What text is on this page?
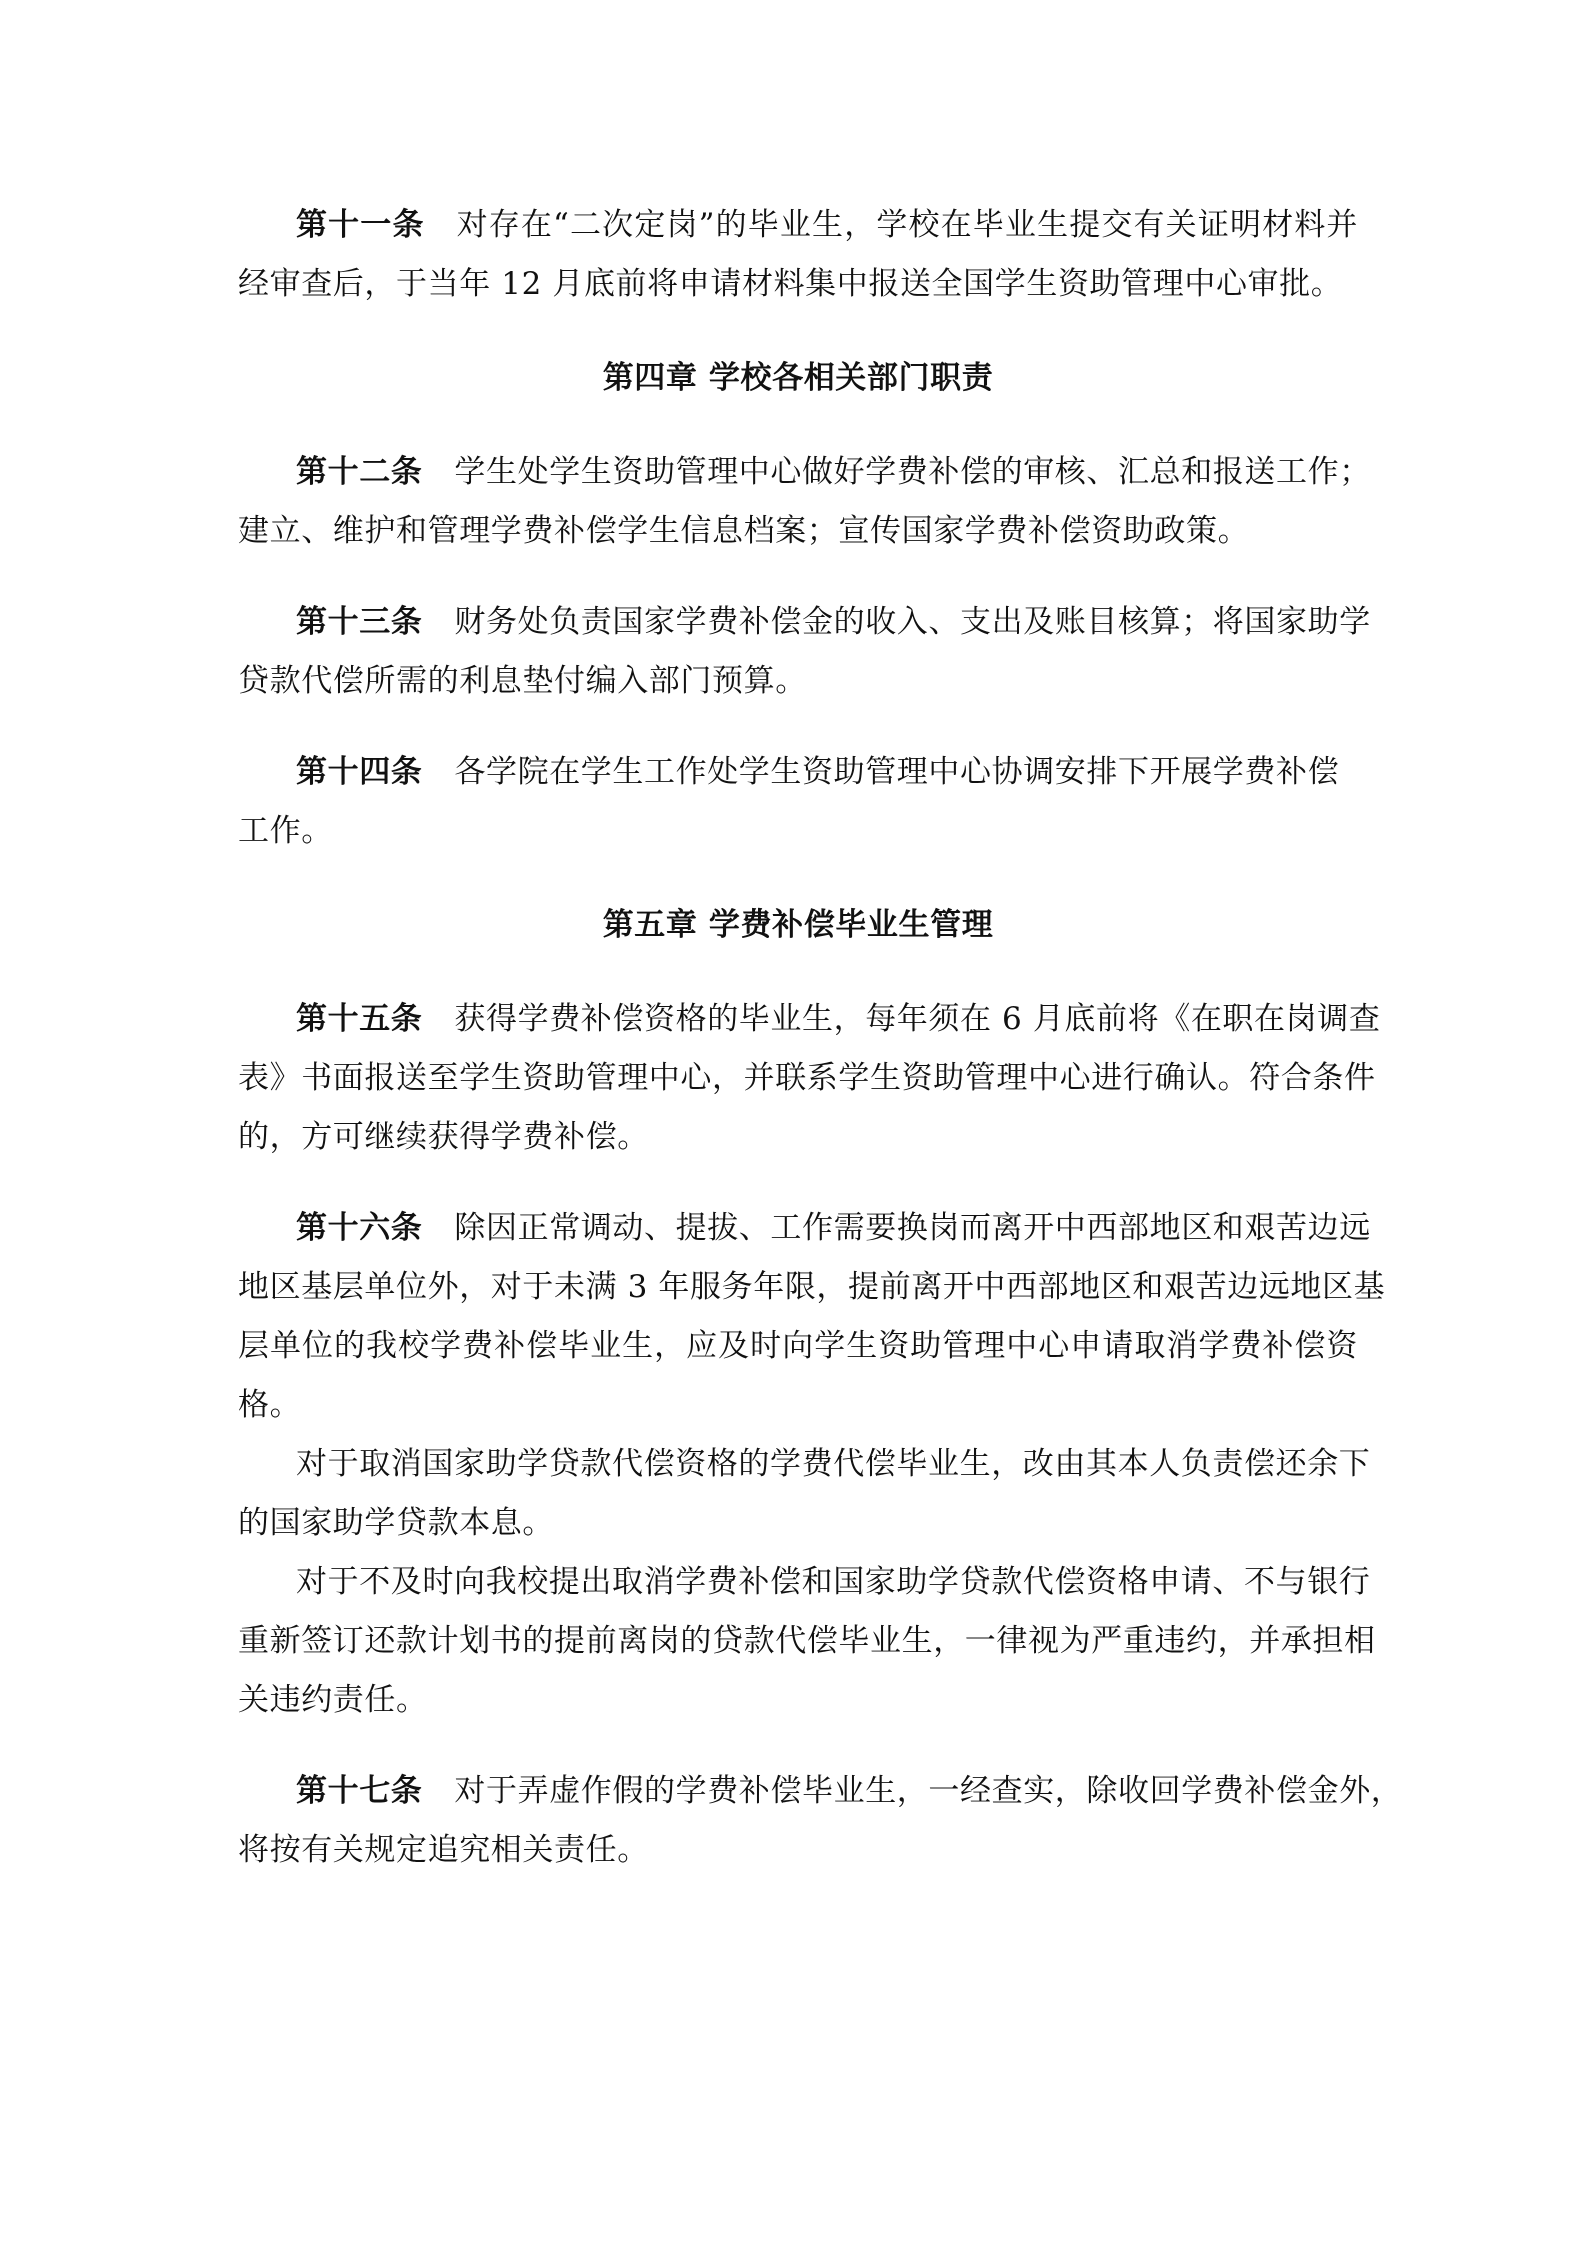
第十一条 对存在“二次定岗”的毕业生，学校在毕业生提交有关证明材料并
经审查后，于当年 12 月底前将申请材料集中报送全国学生资助管理中心审批。
第四章 学校各相关部门职责
第十二条 学生处学生资助管理中心做好学费补偿的审核、汇总和报送工作；
建立、维护和管理学费补偿学生信息档案；宣传国家学费补偿资助政策。
第十三条 财务处负责国家学费补偿金的收入、支出及账目核算；将国家助学
贷款代偿所需的利息垫付编入部门预算。
第十四条 各学院在学生工作处学生资助管理中心协调安排下开展学费补偿
工作。
第五章 学费补偿毕业生管理
第十五条 获得学费补偿资格的毕业生，每年须在 6 月底前将《在职在岗调查
表》书面报送至学生资助管理中心，并联系学生资助管理中心进行确认。符合条件
的，方可继续获得学费补偿。
第十六条 除因正常调动、提拔、工作需要换岗而离开中西部地区和艰苦边远
地区基层单位外，对于未满 3 年服务年限，提前离开中西部地区和艰苦边远地区基
层单位的我校学费补偿毕业生，应及时向学生资助管理中心申请取消学费补偿资
格。
对于取消国家助学贷款代偿资格的学费代偿毕业生，改由其本人负责偿还余下
的国家助学贷款本息。
对于不及时向我校提出取消学费补偿和国家助学贷款代偿资格申请、不与银行
重新签订还款计划书的提前离岗的贷款代偿毕业生，一律视为严重违约，并承担相
关违约责任。
第十七条 对于弄虚作假的学费补偿毕业生，一经查实，除收回学费补偿金外，
将按有关规定追究相关责任。
